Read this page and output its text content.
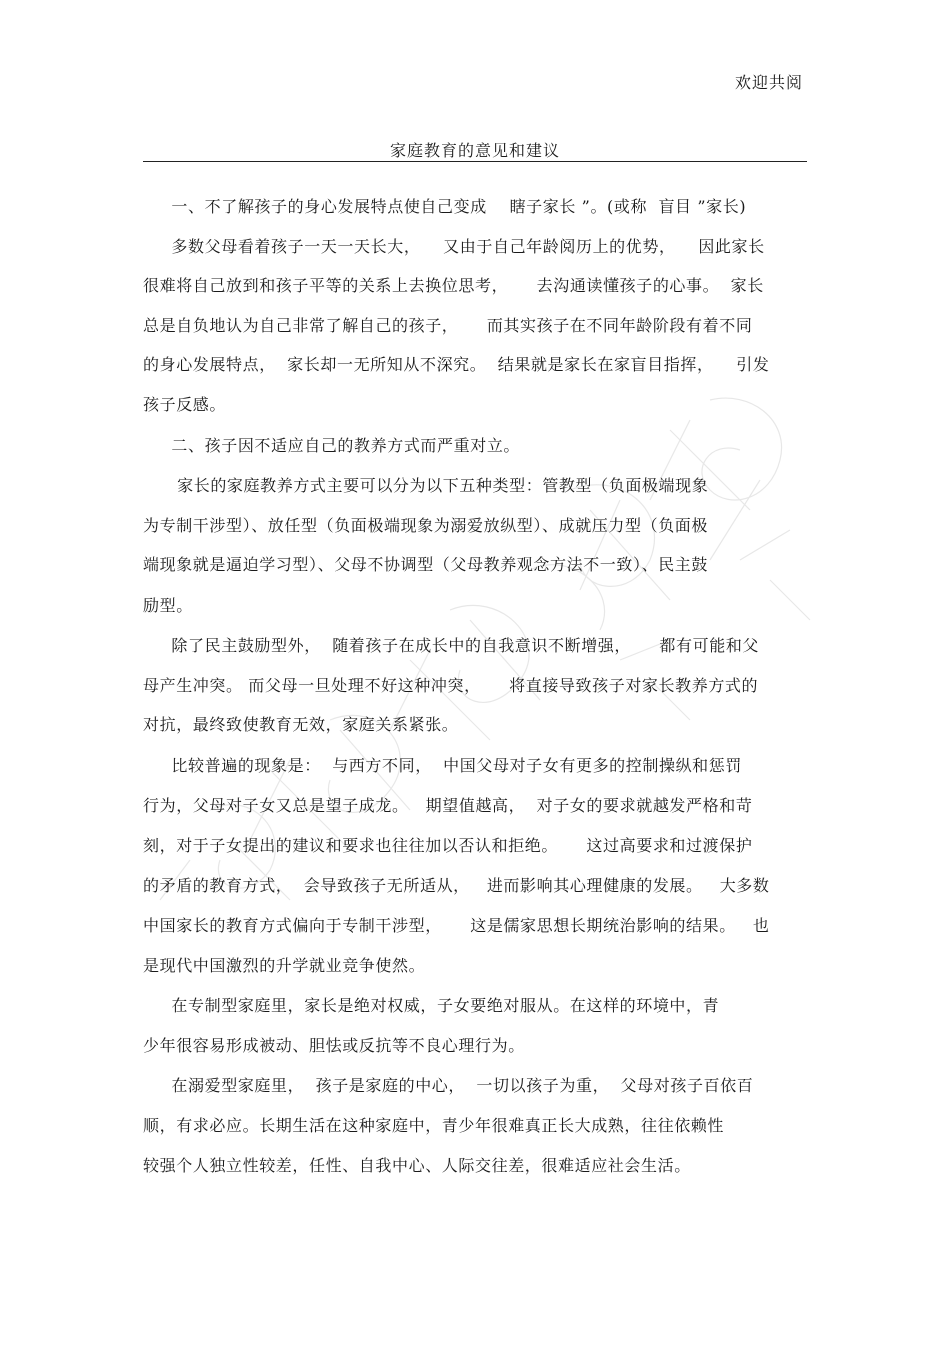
欢迎共阅
家庭教育的意见和建议
一、不了解孩子的身心发展特点使自己变成    瞎子家长 ”。(或称  盲目 ”家长)
多数父母看着孩子一天一天长大，    又由于自己年龄阅历上的优势，    因此家长
很难将自己放到和孩子平等的关系上去换位思考，     去沟通读懂孩子的心事。  家长
总是自负地认为自己非常了解自己的孩子，     而其实孩子在不同年龄阶段有着不同
的身心发展特点，  家长却一无所知从不深究。  结果就是家长在家盲目指挥，    引发
孩子反感。
二、孩子因不适应自己的教养方式而严重对立。
家长的家庭教养方式主要可以分为以下五种类型：管教型（负面极端现象
为专制干涉型）、放任型（负面极端现象为溺爱放纵型）、成就压力型（负面极
端现象就是逼迫学习型）、父母不协调型（父母教养观念方法不一致）、民主鼓
励型。
除了民主鼓励型外，  随着孩子在成长中的自我意识不断增强，     都有可能和父
母产生冲突。 而父母一旦处理不好这种冲突，     将直接导致孩子对家长教养方式的
对抗，最终致使教育无效，家庭关系紧张。
比较普遍的现象是：  与西方不同，  中国父母对子女有更多的控制操纵和惩罚
行为，父母对子女又总是望子成龙。   期望值越高，  对子女的要求就越发严格和苛
刻，对于子女提出的建议和要求也往往加以否认和拒绝。     这过高要求和过渡保护
的矛盾的教育方式，  会导致孩子无所适从，   进而影响其心理健康的发展。   大多数
中国家长的教育方式偏向于专制干涉型，     这是儒家思想长期统治影响的结果。   也
是现代中国激烈的升学就业竞争使然。
在专制型家庭里，家长是绝对权威，子女要绝对服从。在这样的环境中，青
少年很容易形成被动、胆怯或反抗等不良心理行为。
在溺爱型家庭里，  孩子是家庭的中心，  一切以孩子为重，  父母对孩子百依百
顺，有求必应。长期生活在这种家庭中，青少年很难真正长大成熟，往往依赖性
较强个人独立性较差，任性、自我中心、人际交往差，很难适应社会生活。
